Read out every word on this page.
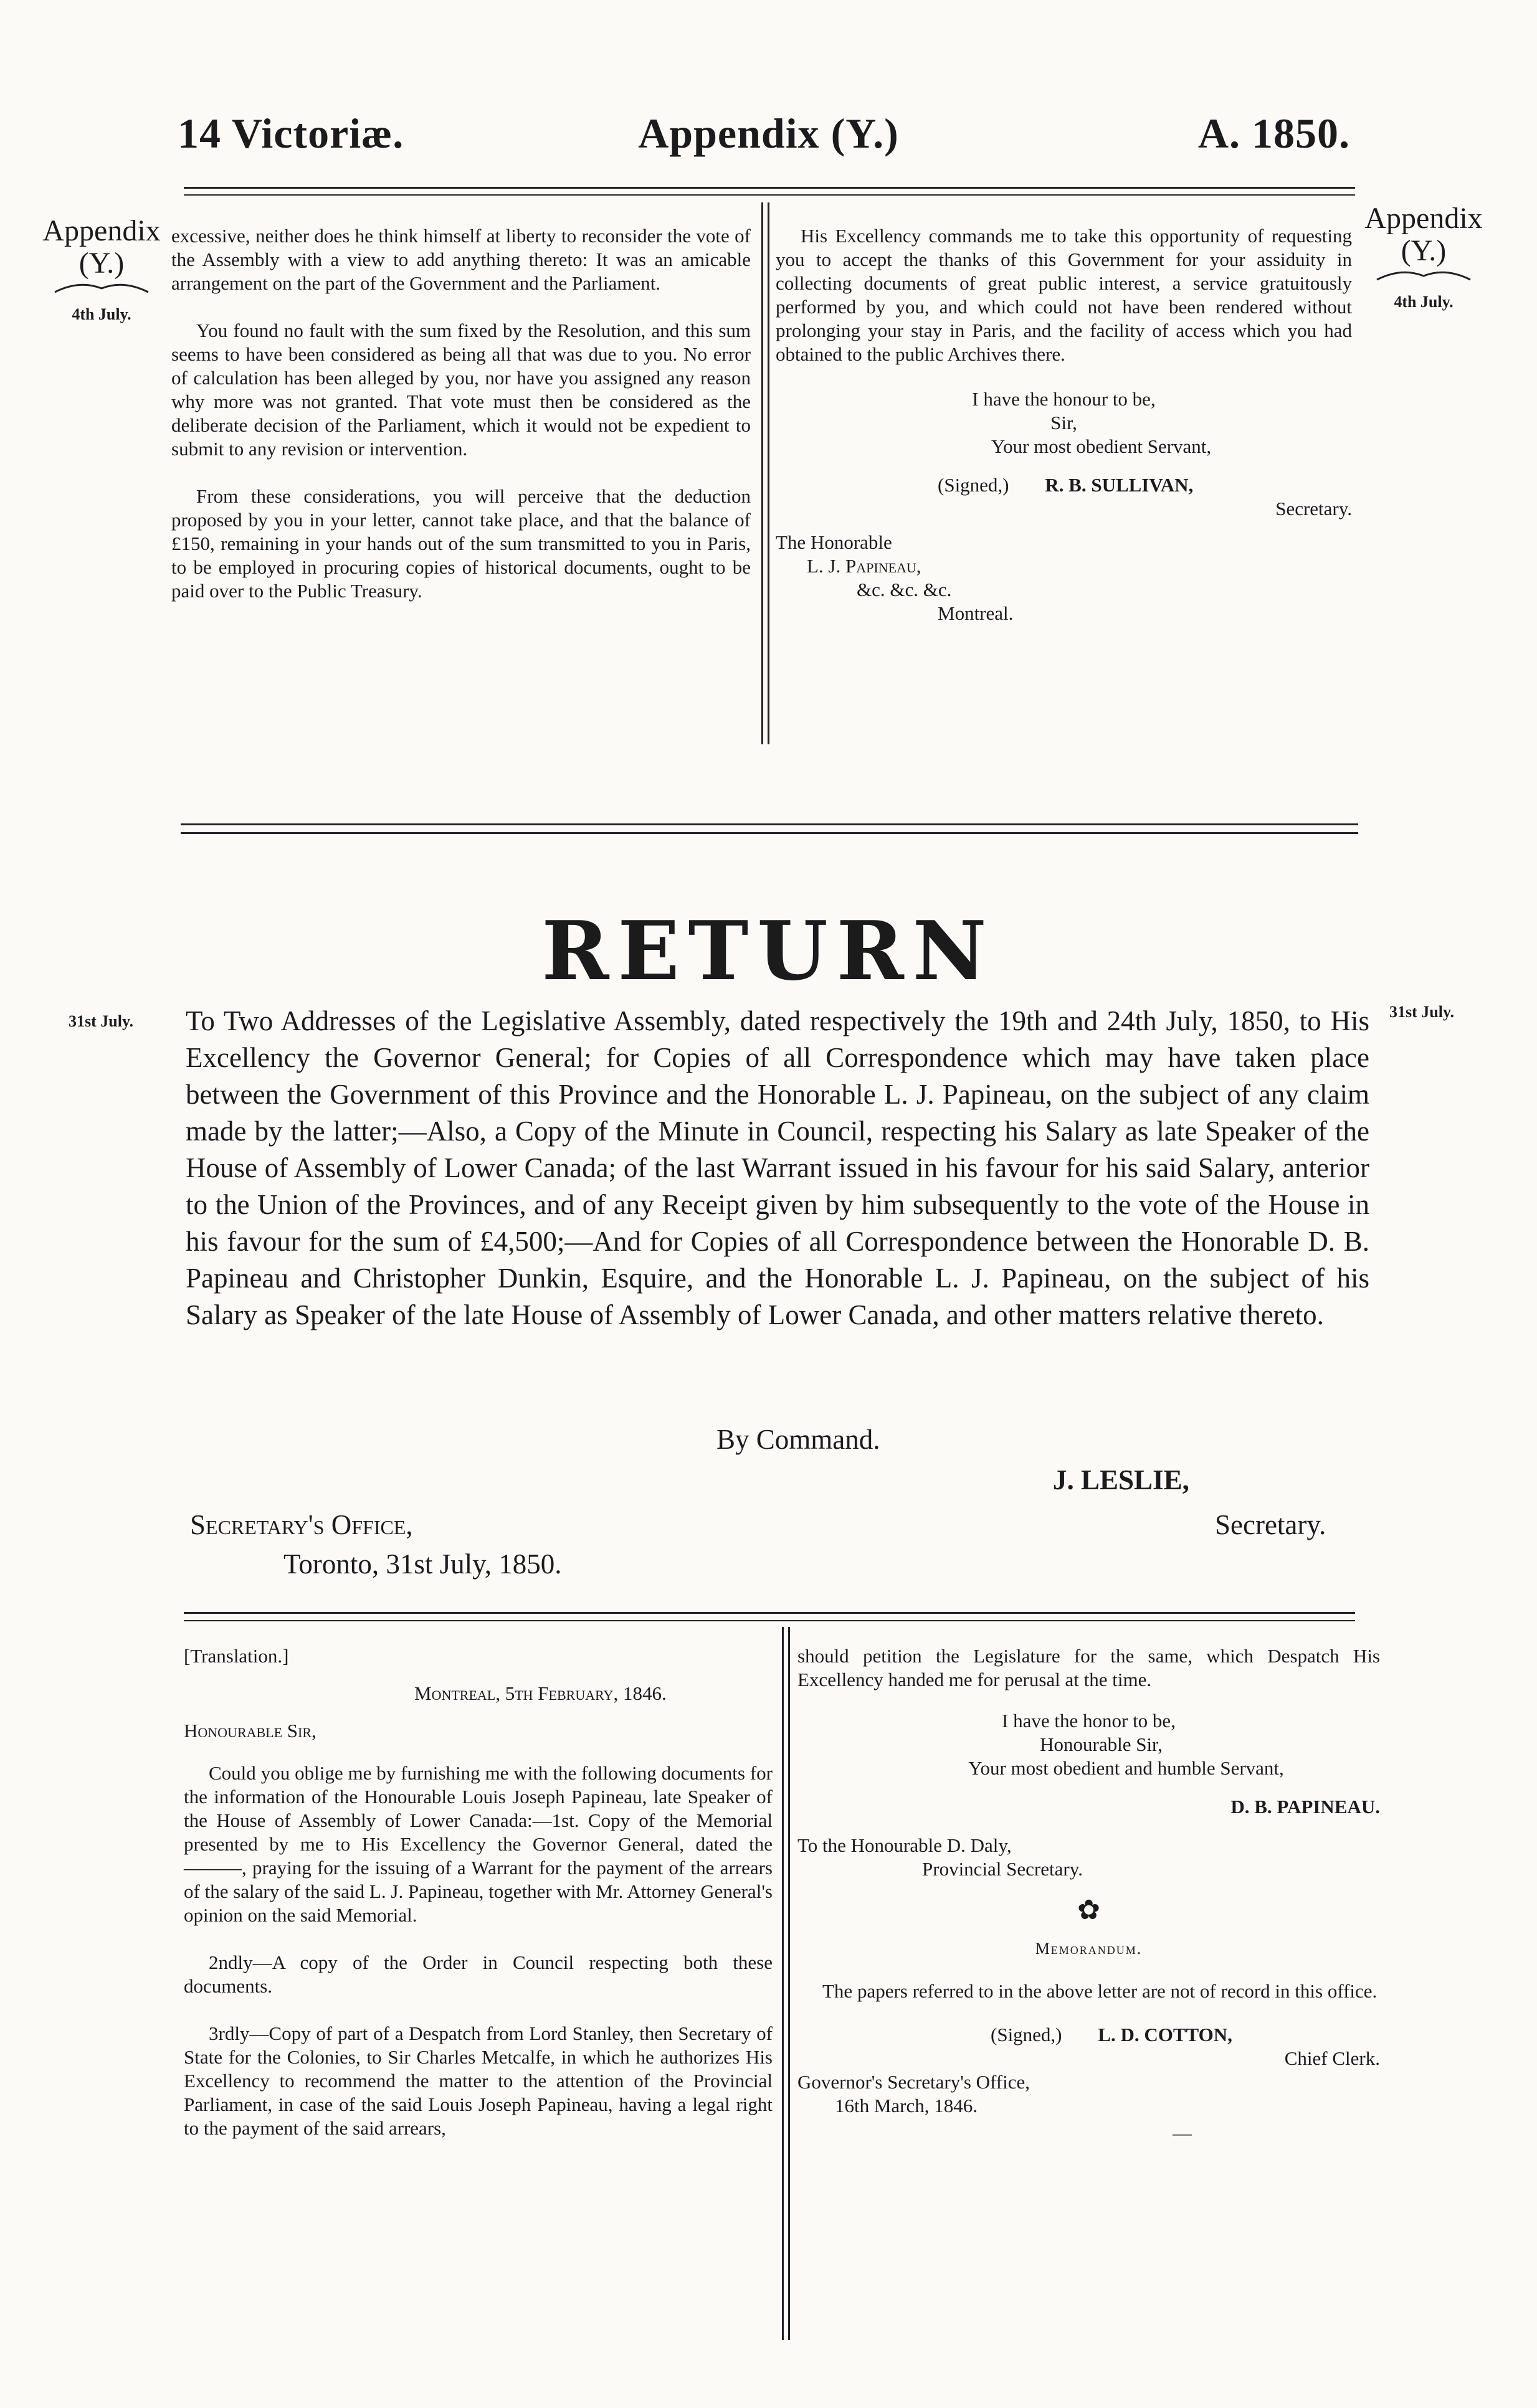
14 Victoriæ.	Appendix (Y.)	A. 1850.
Appendix
(Y.)
4th July.
Appendix
(Y.)
4th July.

excessive, neither does he think himself at liberty to reconsider the vote of the Assembly with a view to add anything thereto: It was an amicable arrangement on the part of the Government and the Parliament.

You found no fault with the sum fixed by the Resolution, and this sum seems to have been considered as being all that was due to you. No error of calculation has been alleged by you, nor have you assigned any reason why more was not granted. That vote must then be considered as the deliberate decision of the Parliament, which it would not be expedient to submit to any revision or intervention.

From these considerations, you will perceive that the deduction proposed by you in your letter, cannot take place, and that the balance of £150, remaining in your hands out of the sum transmitted to you in Paris, to be employed in procuring copies of historical documents, ought to be paid over to the Public Treasury.

His Excellency commands me to take this opportunity of requesting you to accept the thanks of this Government for your assiduity in collecting documents of great public interest, a service gratuitously performed by you, and which could not have been rendered without prolonging your stay in Paris, and the facility of access which you had obtained to the public Archives there.

I have the honour to be,
Sir,
Your most obedient Servant,
(Signed,) R. B. SULLIVAN,
Secretary.
The Honorable
L. J. Papineau,
&c. &c. &c.
Montreal.
RETURN
31st July.
31st July.
To Two Addresses of the Legislative Assembly, dated respectively the 19th and 24th July, 1850, to His Excellency the Governor General; for Copies of all Correspondence which may have taken place between the Government of this Province and the Honorable L. J. Papineau, on the subject of any claim made by the latter;—Also, a Copy of the Minute in Council, respecting his Salary as late Speaker of the House of Assembly of Lower Canada; of the last Warrant issued in his favour for his said Salary, anterior to the Union of the Provinces, and of any Receipt given by him subsequently to the vote of the House in his favour for the sum of £4,500;—And for Copies of all Correspondence between the Honorable D. B. Papineau and Christopher Dunkin, Esquire, and the Honorable L. J. Papineau, on the subject of his Salary as Speaker of the late House of Assembly of Lower Canada, and other matters relative thereto.
By Command.
J. LESLIE,
Secretary's Office,	Secretary.
Toronto, 31st July, 1850.
[Translation.]
Montreal, 5th February, 1846.
Honourable Sir,

Could you oblige me by furnishing me with the following documents for the information of the Honourable Louis Joseph Papineau, late Speaker of the House of Assembly of Lower Canada:—1st. Copy of the Memorial presented by me to His Excellency the Governor General, dated the ———, praying for the issuing of a Warrant for the payment of the arrears of the salary of the said L. J. Papineau, together with Mr. Attorney General's opinion on the said Memorial.

2ndly—A copy of the Order in Council respecting both these documents.

3rdly—Copy of part of a Despatch from Lord Stanley, then Secretary of State for the Colonies, to Sir Charles Metcalfe, in which he authorizes His Excellency to recommend the matter to the attention of the Provincial Parliament, in case of the said Louis Joseph Papineau, having a legal right to the payment of the said arrears,

should petition the Legislature for the same, which Despatch His Excellency handed me for perusal at the time.

I have the honor to be,
Honourable Sir,
Your most obedient and humble Servant,
D. B. PAPINEAU.
To the Honourable D. Daly,
Provincial Secretary.
✿
Memorandum.

The papers referred to in the above letter are not of record in this office.

(Signed,) L. D. COTTON,
Chief Clerk.
Governor's Secretary's Office,
16th March, 1846.
—
